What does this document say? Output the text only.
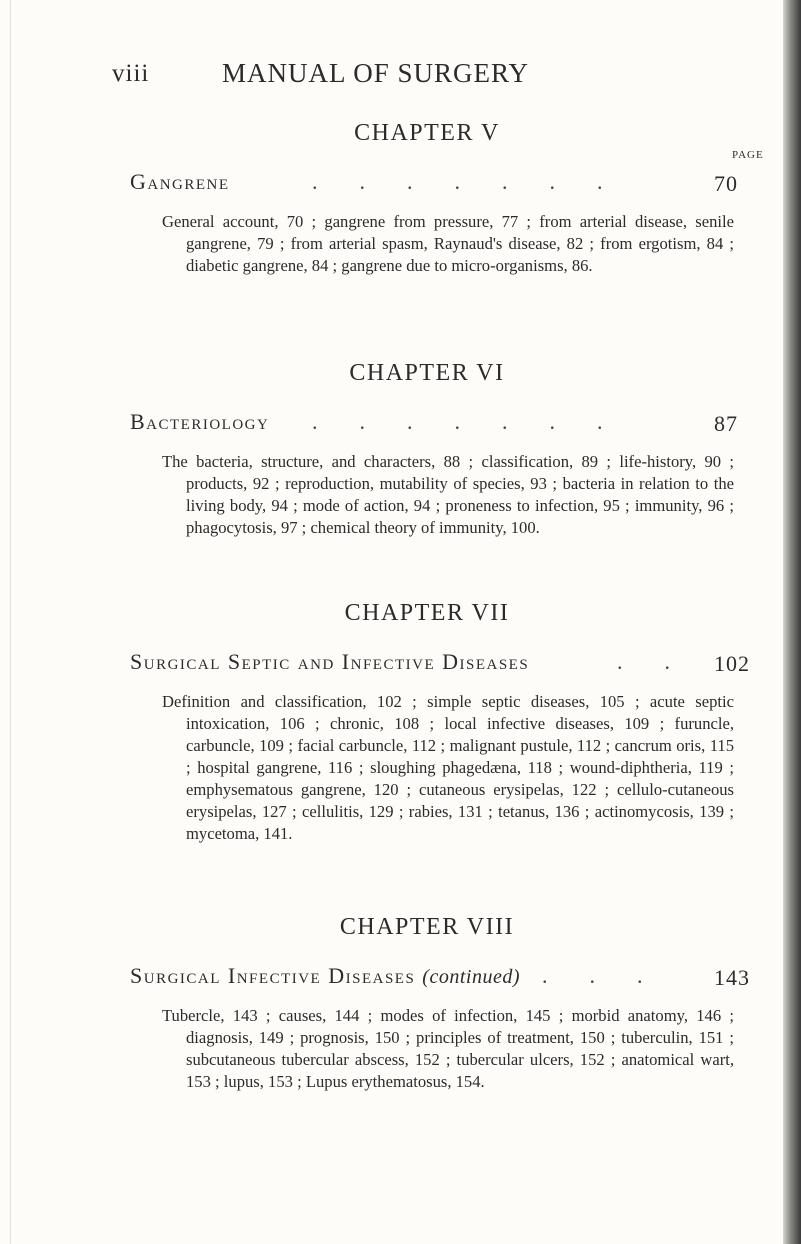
viii	MANUAL OF SURGERY
CHAPTER V
PAGE
Gangrene	.......	70
General account, 70 ; gangrene from pressure, 77 ; from arterial disease, senile gangrene, 79 ; from arterial spasm, Raynaud's disease, 82 ; from ergotism, 84 ; diabetic gangrene, 84 ; gangrene due to micro-organisms, 86.
CHAPTER VI
Bacteriology .......	87
The bacteria, structure, and characters, 88 ; classification, 89 ; life-history, 90 ; products, 92 ; reproduction, mutability of species, 93 ; bacteria in relation to the living body, 94 ; mode of action, 94 ; proneness to infection, 95 ; immunity, 96 ; phagocytosis, 97 ; chemical theory of immunity, 100.
CHAPTER VII
Surgical Septic and Infective Diseases	.. 102
Definition and classification, 102 ; simple septic diseases, 105 ; acute septic intoxication, 106 ; chronic, 108 ; local infective diseases, 109 ; furuncle, carbuncle, 109 ; facial carbuncle, 112 ; malignant pustule, 112 ; cancrum oris, 115 ; hospital gangrene, 116 ; sloughing phagedæna, 118 ; wound-diphtheria, 119 ; emphysematous gangrene, 120 ; cutaneous erysipelas, 122 ; cellulo-cutaneous erysipelas, 127 ; cellulitis, 129 ; rabies, 131 ; tetanus, 136 ; actinomycosis, 139 ; mycetoma, 141.
CHAPTER VIII
Surgical Infective Diseases (continued) ... 143
Tubercle, 143 ; causes, 144 ; modes of infection, 145 ; morbid anatomy, 146 ; diagnosis, 149 ; prognosis, 150 ; principles of treatment, 150 ; tuberculin, 151 ; subcutaneous tubercular abscess, 152 ; tubercular ulcers, 152 ; anatomical wart, 153 ; lupus, 153 ; Lupus erythematosus, 154.
